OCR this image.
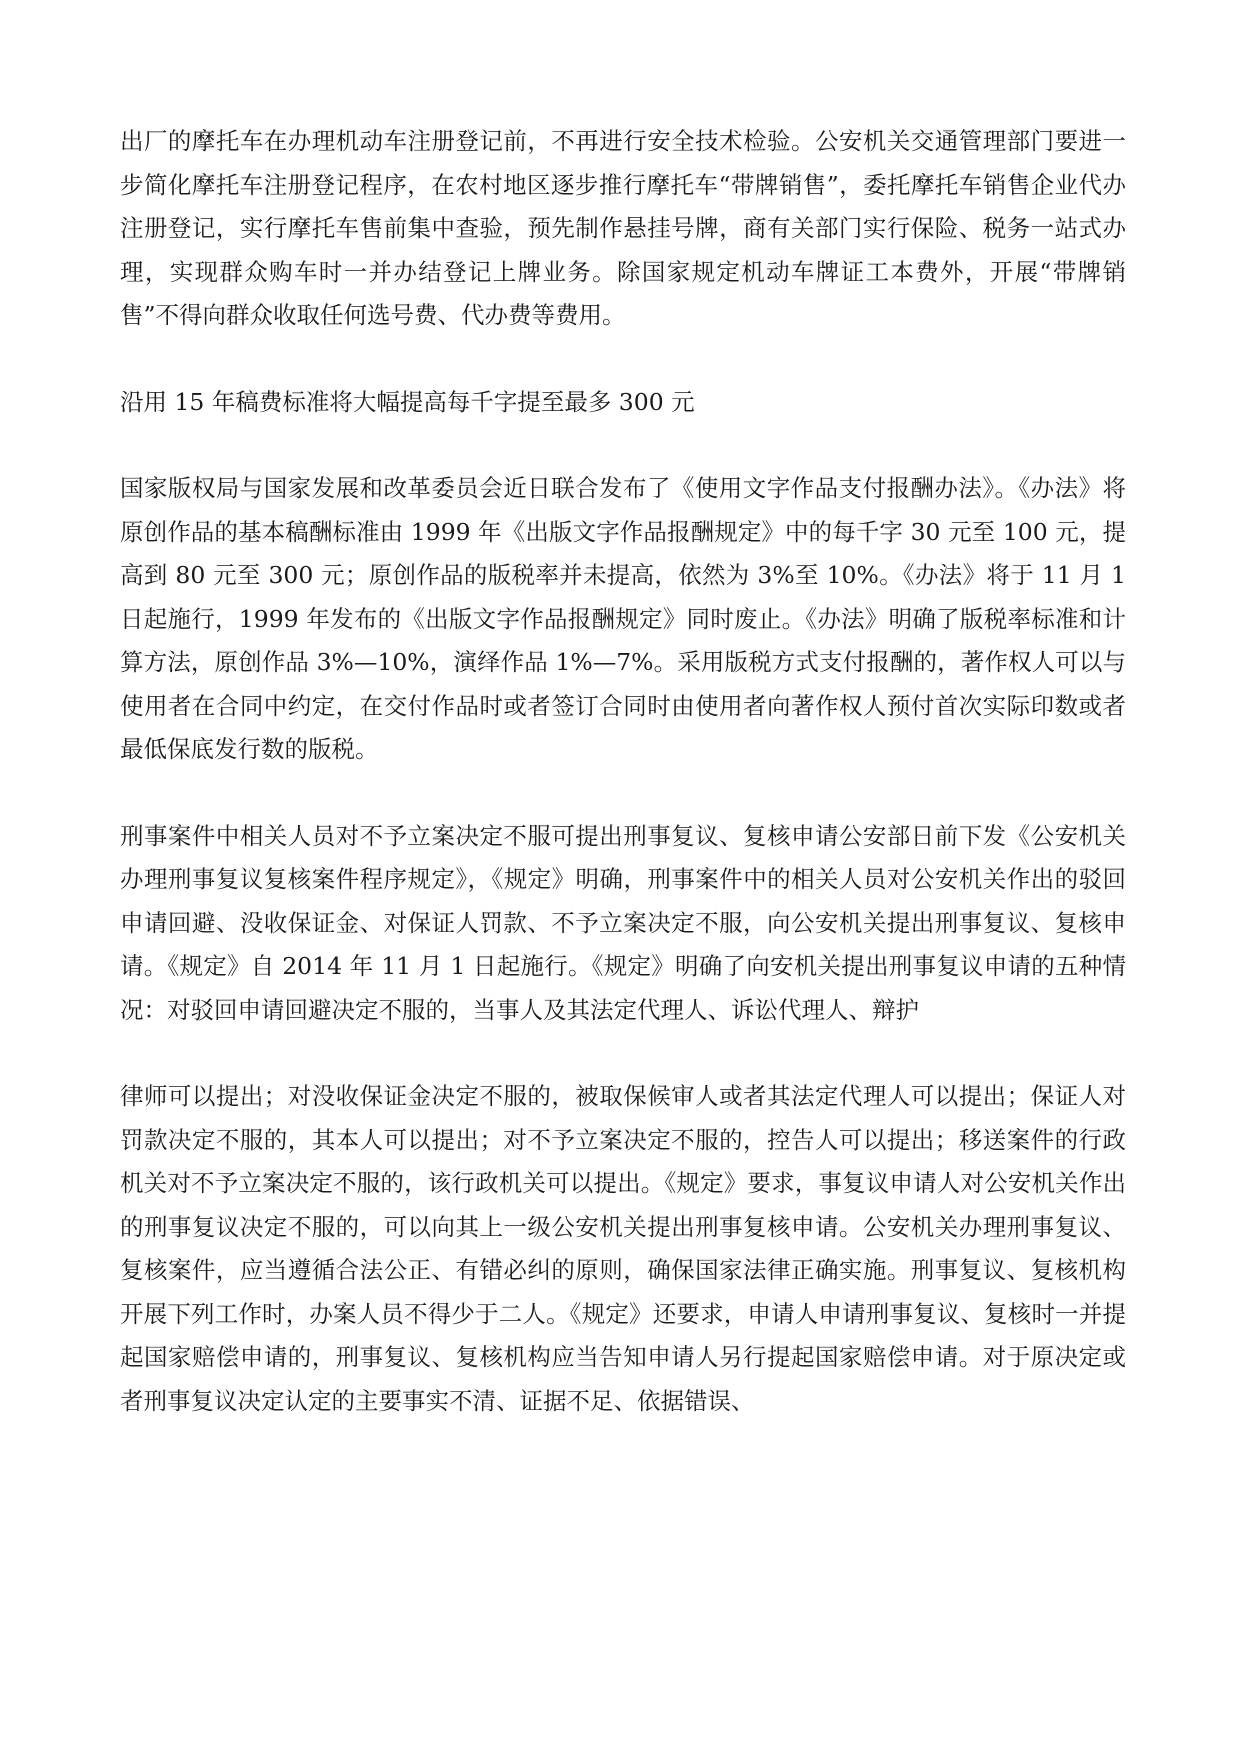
出厂的摩托车在办理机动车注册登记前，不再进行安全技术检验。公安机关交通管理部门要进一步简化摩托车注册登记程序，在农村地区逐步推行摩托车“带牌销售”，委托摩托车销售企业代办注册登记，实行摩托车售前集中查验，预先制作悬挂号牌，商有关部门实行保险、税务一站式办理，实现群众购车时一并办结登记上牌业务。除国家规定机动车牌证工本费外，开展“带牌销售”不得向群众收取任何选号费、代办费等费用。

沿用 15 年稿费标准将大幅提高每千字提至最多 300 元

国家版权局与国家发展和改革委员会近日联合发布了《使用文字作品支付报酬办法》。《办法》将原创作品的基本稿酬标准由 1999 年《出版文字作品报酬规定》中的每千字 30 元至 100 元，提高到 80 元至 300 元；原创作品的版税率并未提高，依然为 3%至 10%。《办法》将于 11 月 1 日起施行，1999 年发布的《出版文字作品报酬规定》同时废止。《办法》明确了版税率标准和计算方法，原创作品 3%—10%，演绎作品 1%—7%。采用版税方式支付报酬的，著作权人可以与使用者在合同中约定，在交付作品时或者签订合同时由使用者向著作权人预付首次实际印数或者最低保底发行数的版税。

刑事案件中相关人员对不予立案决定不服可提出刑事复议、复核申请公安部日前下发《公安机关办理刑事复议复核案件程序规定》，《规定》明确，刑事案件中的相关人员对公安机关作出的驳回申请回避、没收保证金、对保证人罚款、不予立案决定不服，向公安机关提出刑事复议、复核申请。《规定》自 2014 年 11 月 1 日起施行。《规定》明确了向安机关提出刑事复议申请的五种情况：对驳回申请回避决定不服的，当事人及其法定代理人、诉讼代理人、辩护

律师可以提出；对没收保证金决定不服的，被取保候审人或者其法定代理人可以提出；保证人对罚款决定不服的，其本人可以提出；对不予立案决定不服的，控告人可以提出；移送案件的行政机关对不予立案决定不服的，该行政机关可以提出。《规定》要求，事复议申请人对公安机关作出的刑事复议决定不服的，可以向其上一级公安机关提出刑事复核申请。公安机关办理刑事复议、复核案件，应当遵循合法公正、有错必纠的原则，确保国家法律正确实施。刑事复议、复核机构开展下列工作时，办案人员不得少于二人。《规定》还要求，申请人申请刑事复议、复核时一并提起国家赔偿申请的，刑事复议、复核机构应当告知申请人另行提起国家赔偿申请。对于原决定或者刑事复议决定认定的主要事实不清、证据不足、依据错误、
